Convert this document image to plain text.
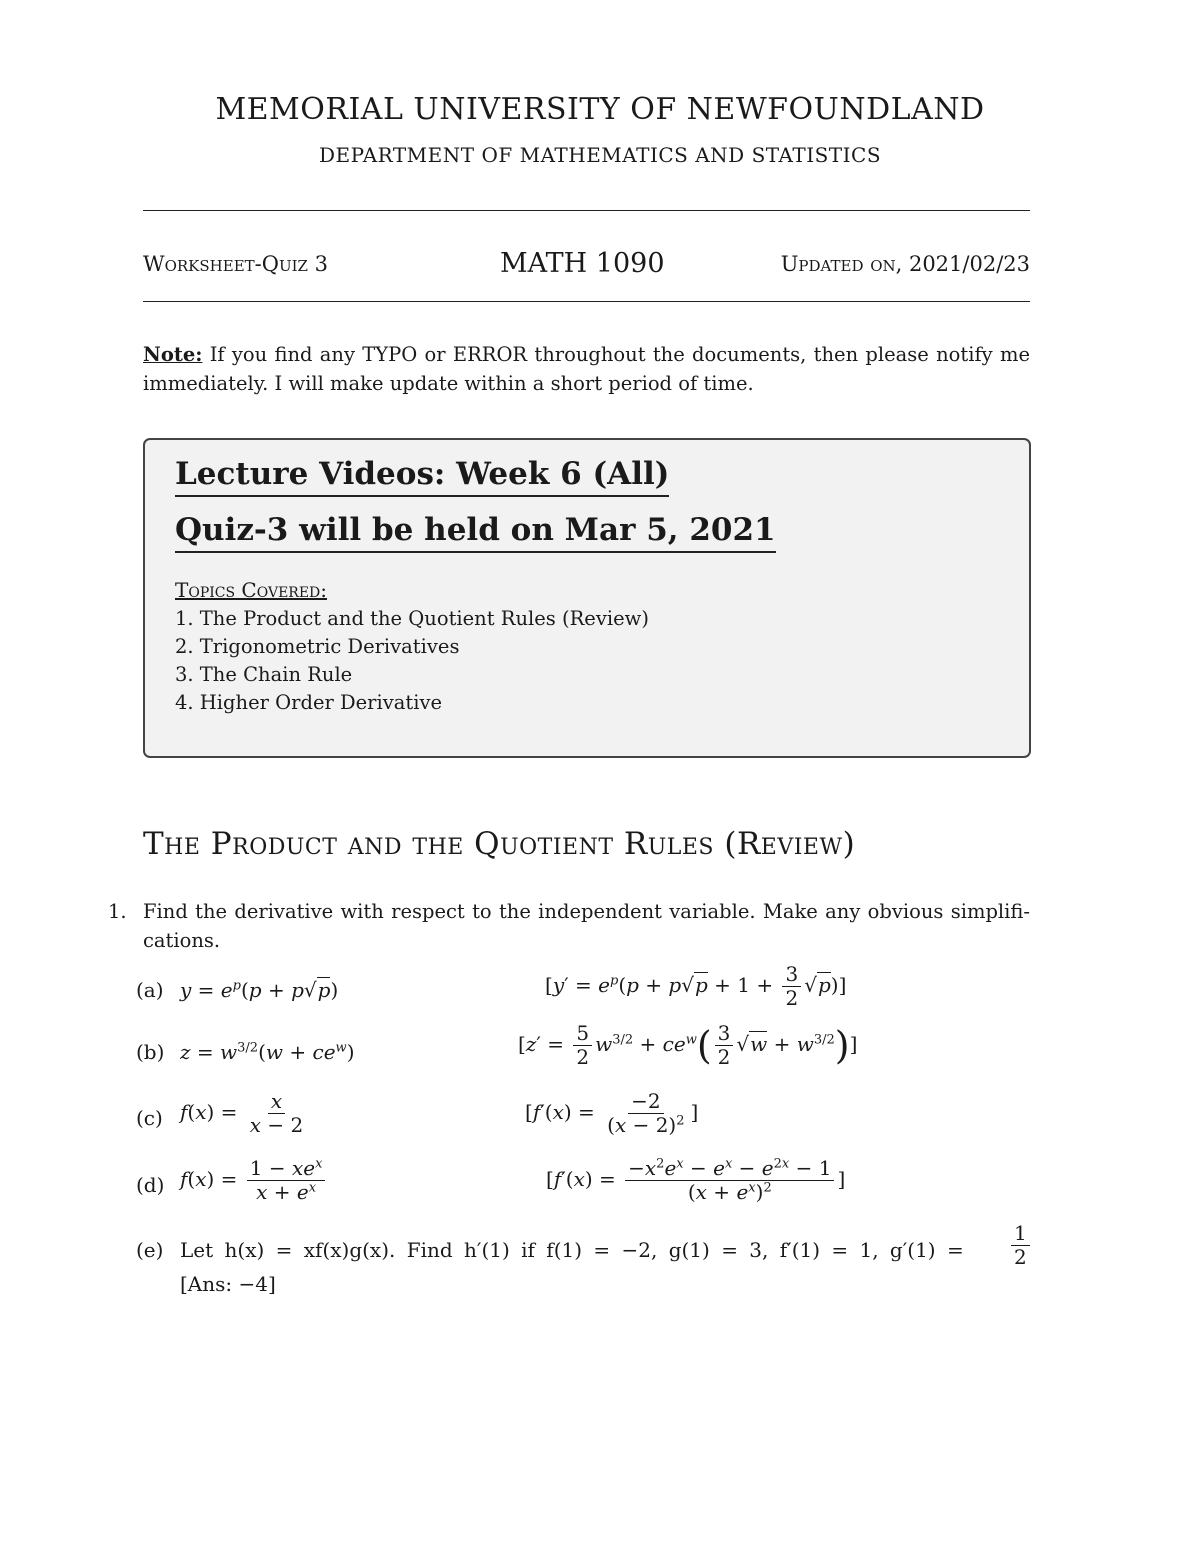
MEMORIAL UNIVERSITY OF NEWFOUNDLAND
DEPARTMENT OF MATHEMATICS AND STATISTICS
Worksheet-Quiz 3	MATH 1090	Updated on, 2021/02/23
Note: If you find any TYPO or ERROR throughout the documents, then please notify me immediately. I will make update within a short period of time.
Lecture Videos: Week 6 (All)
Quiz-3 will be held on Mar 5, 2021
Topics Covered:
1. The Product and the Quotient Rules (Review)
2. Trigonometric Derivatives
3. The Chain Rule
4. Higher Order Derivative
The Product and the Quotient Rules (Review)
1. Find the derivative with respect to the independent variable. Make any obvious simplifi-cations.
(a) $y = e^p(p + p√p)$	$[y' = e^p(p + p√p + 1 + \frac{3}{2} √p)]$
(b) $z = w^{3/2}(w + ce^w)$	$[z' = \frac{5}{2} w^{3/2} + ce^w( \frac{3}{2} √w + w^{3/2})]$
(c) $f(x) = \frac{x}{x - 2}$	[$f'(x) = \frac{-2}{(x - 2)^2}$ ]
(d) $f(x) = \frac{1 - xe^x}{x + e^x}$	[$f'(x) = \frac{-x^2e^x - e^x - e^{2x} - 1}{(x + e^x)^2}$ ]
(e) Let h(x) = xf(x)g(x). Find h′(1) if f(1) = −2, g(1) = 3, f′(1) = 1, $g'(1) = \frac{1}{2}$
[Ans: −4]
